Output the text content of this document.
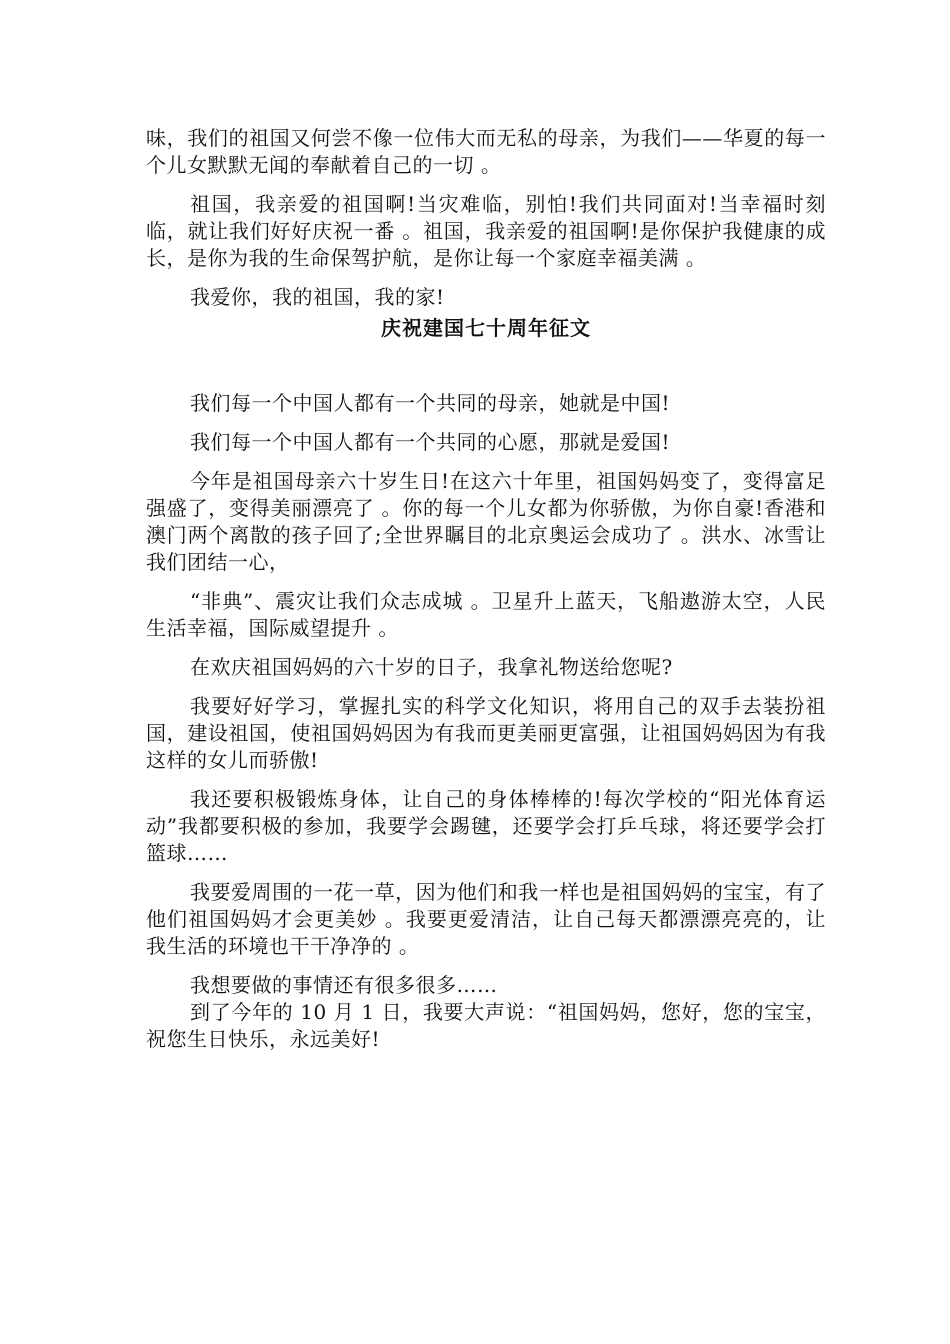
味，我们的祖国又何尝不像一位伟大而无私的母亲，为我们——华夏的每一个儿女默默无闻的奉献着自己的一切 。

祖国，我亲爱的祖国啊!当灾难临，别怕!我们共同面对!当幸福时刻临，就让我们好好庆祝一番 。祖国，我亲爱的祖国啊!是你保护我健康的成长，是你为我的生命保驾护航，是你让每一个家庭幸福美满 。

我爱你，我的祖国，我的家!

庆祝建国七十周年征文

我们每一个中国人都有一个共同的母亲，她就是中国!

我们每一个中国人都有一个共同的心愿，那就是爱国!

今年是祖国母亲六十岁生日!在这六十年里，祖国妈妈变了，变得富足强盛了，变得美丽漂亮了 。你的每一个儿女都为你骄傲，为你自豪!香港和澳门两个离散的孩子回了;全世界瞩目的北京奥运会成功了 。洪水、冰雪让我们团结一心，

“非典”、震灾让我们众志成城 。卫星升上蓝天，飞船遨游太空，人民生活幸福，国际威望提升 。

在欢庆祖国妈妈的六十岁的日子，我拿礼物送给您呢?

我要好好学习，掌握扎实的科学文化知识，将用自己的双手去装扮祖国，建设祖国，使祖国妈妈因为有我而更美丽更富强，让祖国妈妈因为有我这样的女儿而骄傲!

我还要积极锻炼身体，让自己的身体棒棒的!每次学校的“阳光体育运动”我都要积极的参加，我要学会踢毽，还要学会打乒乓球，将还要学会打篮球……

我要爱周围的一花一草，因为他们和我一样也是祖国妈妈的宝宝，有了他们祖国妈妈才会更美妙 。我要更爱清洁，让自己每天都漂漂亮亮的，让我生活的环境也干干净净的 。

我想要做的事情还有很多很多……

到了今年的 10 月 1 日，我要大声说：“祖国妈妈，您好，您的宝宝，祝您生日快乐，永远美好!
